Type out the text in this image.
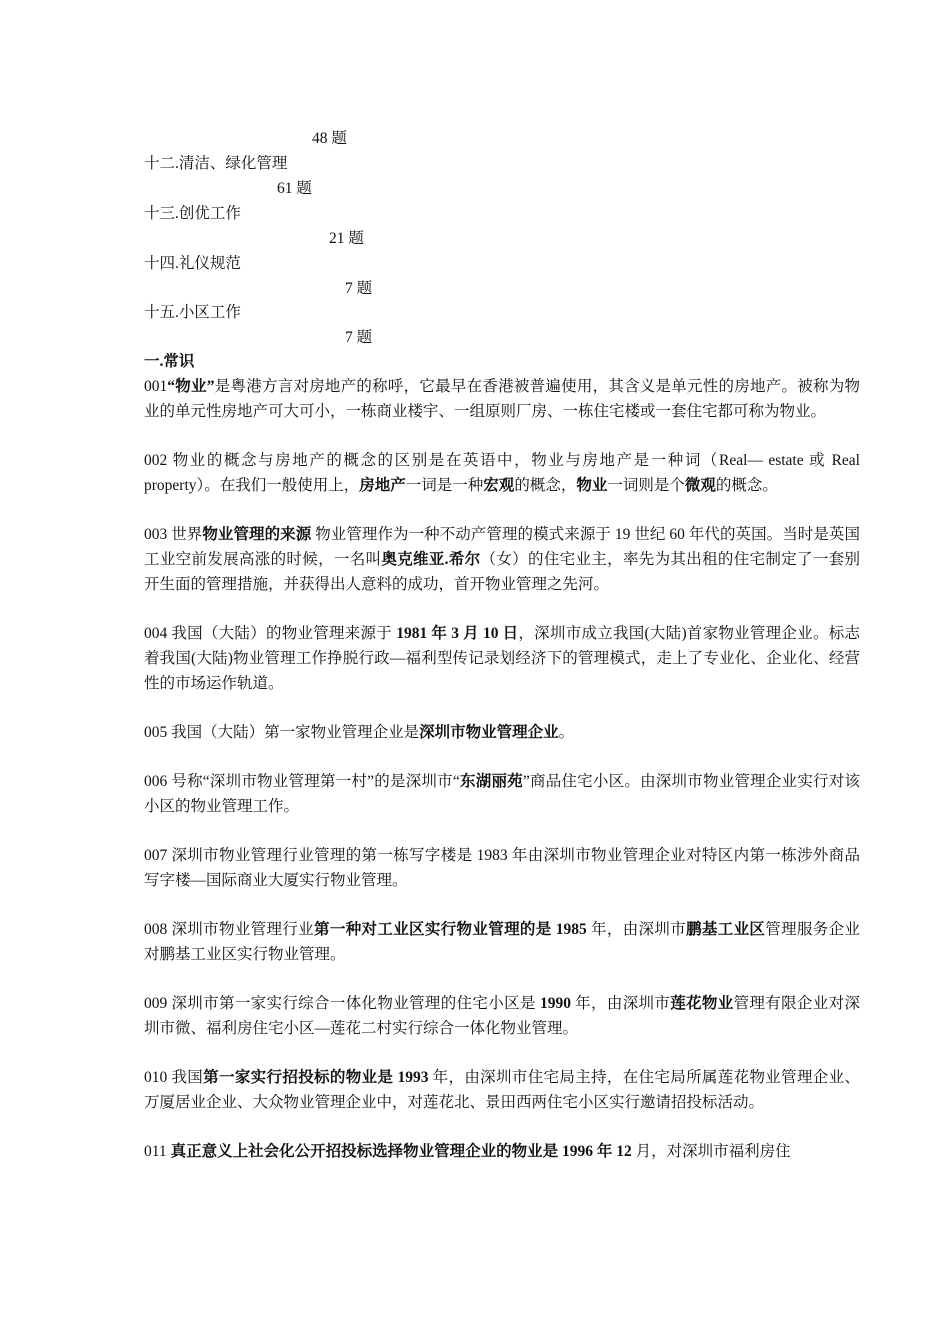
48 题
十二.清洁、绿化管理
61 题
十三.创优工作
21 题
十四.礼仪规范
7 题
十五.小区工作
7 题
一.常识

001“物业”是粤港方言对房地产的称呼，它最早在香港被普遍使用，其含义是单元性的房地产。被称为物业的单元性房地产可大可小，一栋商业楼宇、一组原则厂房、一栋住宅楼或一套住宅都可称为物业。

002 物业的概念与房地产的概念的区别是在英语中，物业与房地产是一种词（Real— estate 或 Real property）。在我们一般使用上，房地产一词是一种宏观的概念，物业一词则是个微观的概念。

003 世界物业管理的来源 物业管理作为一种不动产管理的模式来源于 19 世纪 60 年代的英国。当时是英国工业空前发展高涨的时候，一名叫奥克维亚.希尔（女）的住宅业主，率先为其出租的住宅制定了一套别开生面的管理措施，并获得出人意料的成功，首开物业管理之先河。

004 我国（大陆）的物业管理来源于 1981 年 3 月 10 日，深圳市成立我国(大陆)首家物业管理企业。标志着我国(大陆)物业管理工作挣脱行政—福利型传记录划经济下的管理模式，走上了专业化、企业化、经营性的市场运作轨道。

005 我国（大陆）第一家物业管理企业是深圳市物业管理企业。

006 号称“深圳市物业管理第一村”的是深圳市“东湖丽苑”商品住宅小区。由深圳市物业管理企业实行对该小区的物业管理工作。

007 深圳市物业管理行业管理的第一栋写字楼是 1983 年由深圳市物业管理企业对特区内第一栋涉外商品写字楼—国际商业大厦实行物业管理。

008 深圳市物业管理行业第一种对工业区实行物业管理的是 1985 年，由深圳市鹏基工业区管理服务企业对鹏基工业区实行物业管理。

009 深圳市第一家实行综合一体化物业管理的住宅小区是 1990 年，由深圳市莲花物业管理有限企业对深圳市微、福利房住宅小区—莲花二村实行综合一体化物业管理。

010 我国第一家实行招投标的物业是 1993 年，由深圳市住宅局主持，在住宅局所属莲花物业管理企业、万厦居业企业、大众物业管理企业中，对莲花北、景田西两住宅小区实行邀请招投标活动。

011 真正意义上社会化公开招投标选择物业管理企业的物业是 1996 年 12 月，对深圳市福利房住
